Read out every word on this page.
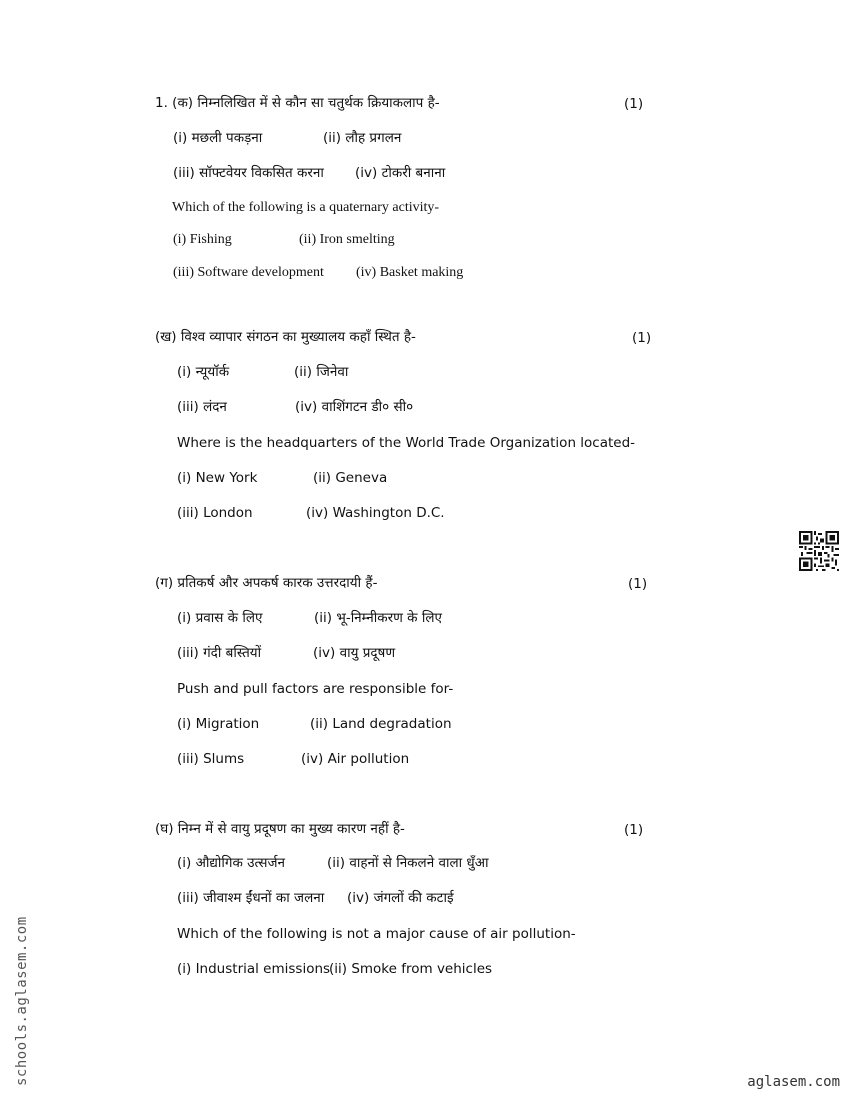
1. (क) निम्नलिखित में से कौन सा चतुर्थक क्रियाकलाप है-	(1)
(i) मछली पकड़ना	(ii) लौह प्रगलन
(iii) सॉफ्टवेयर विकसित करना (iv) टोकरी बनाना
Which of the following is a quaternary activity-
(i) Fishing	(ii) Iron smelting
(iii) Software development (iv) Basket making
(ख) विश्व व्यापार संगठन का मुख्यालय कहाँ स्थित है-	(1)
(i) न्यूयॉर्क	(ii) जिनेवा
(iii) लंदन	(iv) वाशिंगटन डी० सी०
Where is the headquarters of the World Trade Organization located-
(i) New York	(ii) Geneva
(iii) London	(iv) Washington D.C.
(ग) प्रतिकर्ष और अपकर्ष कारक उत्तरदायी हैं-	(1)
(i) प्रवास के लिए	(ii) भू-निम्नीकरण के लिए
(iii) गंदी बस्तियों	(iv) वायु प्रदूषण
Push and pull factors are responsible for-
(i) Migration	(ii) Land degradation
(iii) Slums	(iv) Air pollution
(घ) निम्न में से वायु प्रदूषण का मुख्य कारण नहीं है-	(1)
(i) औद्योगिक उत्सर्जन	(ii) वाहनों से निकलने वाला धुँआ
(iii) जीवाश्म ईंधनों का जलना (iv) जंगलों की कटाई
Which of the following is not a major cause of air pollution-
(i) Industrial emissions(ii) Smoke from vehicles
schools.aglasem.com	aglasem.com
